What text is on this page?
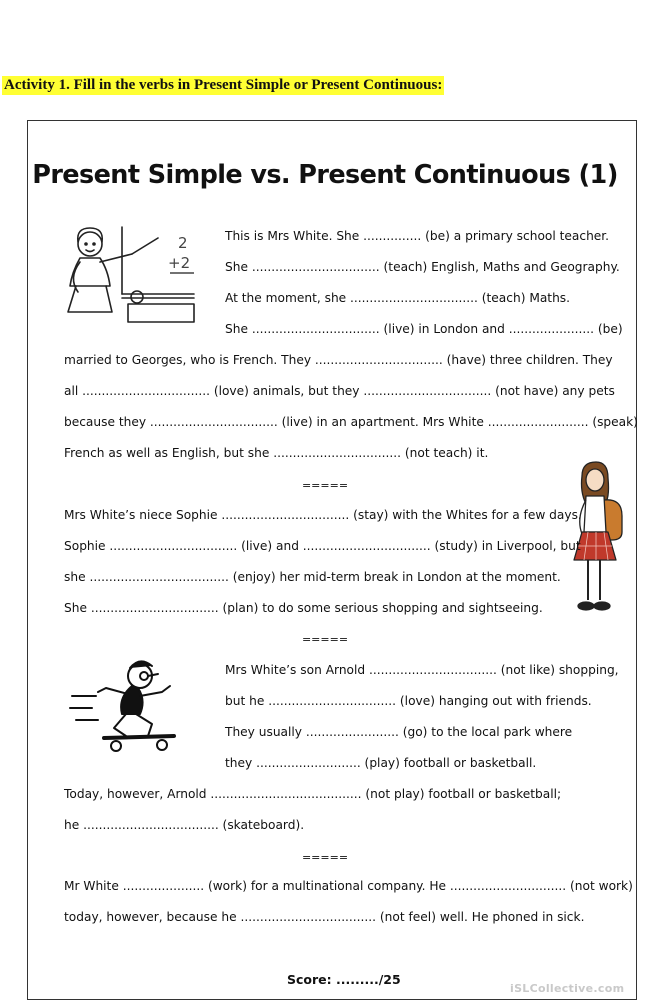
Activity 1. Fill in the verbs in Present Simple or Present Continuous:
Present Simple vs. Present Continuous (1)
2
+2
This is Mrs White. She ............... (be) a primary school teacher.
She ................................. (teach) English, Maths and Geography.
At the moment, she ................................. (teach) Maths.
She ................................. (live) in London and ...................... (be)
married to Georges, who is French. They ................................. (have) three children. They
all ................................. (love) animals, but they ................................. (not have) any pets
because they ................................. (live) in an apartment. Mrs White .......................... (speak)
French as well as English, but she ................................. (not teach) it.
=====
Mrs White’s niece Sophie ................................. (stay) with the Whites for a few days.
Sophie ................................. (live) and ................................. (study) in Liverpool, but
she .................................... (enjoy) her mid-term break in London at the moment.
She ................................. (plan) to do some serious shopping and sightseeing.
=====
Mrs White’s son Arnold ................................. (not like) shopping,
but he ................................. (love) hanging out with friends.
They usually ........................ (go) to the local park where
they ........................... (play) football or basketball.
Today, however, Arnold ....................................... (not play) football or basketball;
he ................................... (skateboard).
=====
Mr White ..................... (work) for a multinational company. He .............................. (not work)
today, however, because he ................................... (not feel) well. He phoned in sick.
Score: ........./25
iSLCollective.com
